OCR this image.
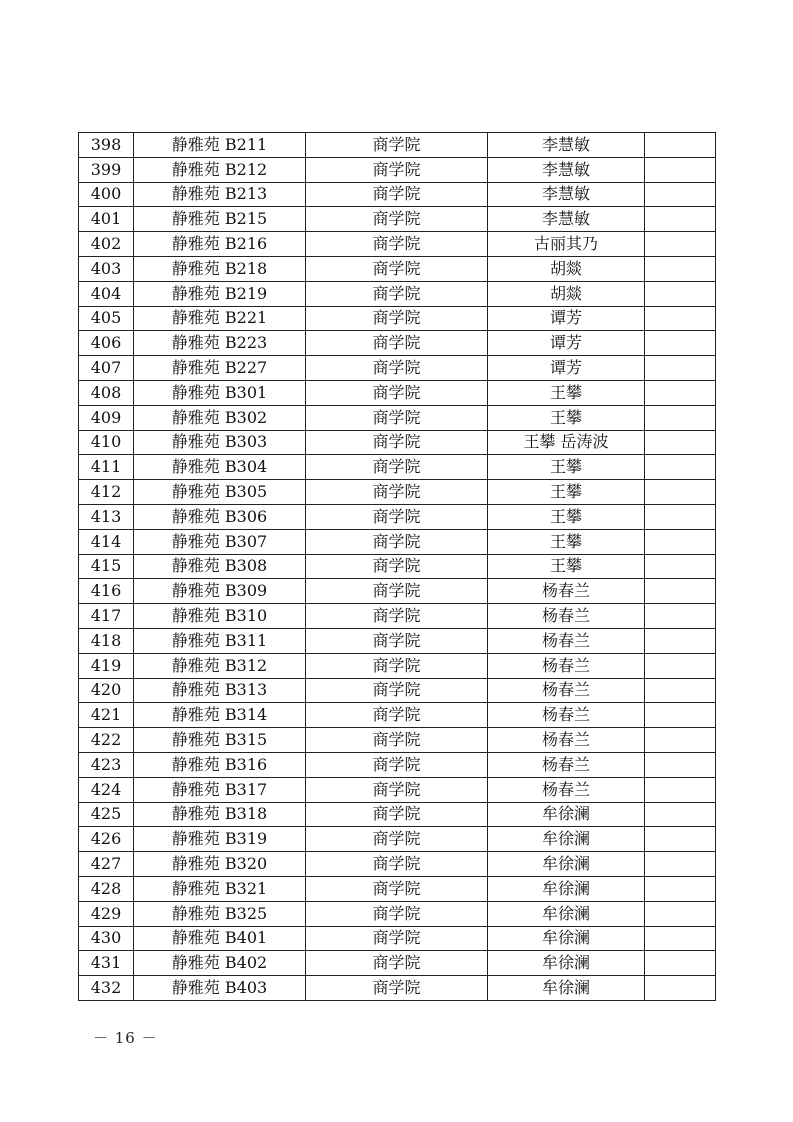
398	静雅苑 B211	商学院	李慧敏	
399	静雅苑 B212	商学院	李慧敏	
400	静雅苑 B213	商学院	李慧敏	
401	静雅苑 B215	商学院	李慧敏	
402	静雅苑 B216	商学院	古丽其乃	
403	静雅苑 B218	商学院	胡燚	
404	静雅苑 B219	商学院	胡燚	
405	静雅苑 B221	商学院	谭芳	
406	静雅苑 B223	商学院	谭芳	
407	静雅苑 B227	商学院	谭芳	
408	静雅苑 B301	商学院	王攀	
409	静雅苑 B302	商学院	王攀	
410	静雅苑 B303	商学院	王攀 岳涛波	
411	静雅苑 B304	商学院	王攀	
412	静雅苑 B305	商学院	王攀	
413	静雅苑 B306	商学院	王攀	
414	静雅苑 B307	商学院	王攀	
415	静雅苑 B308	商学院	王攀	
416	静雅苑 B309	商学院	杨春兰	
417	静雅苑 B310	商学院	杨春兰	
418	静雅苑 B311	商学院	杨春兰	
419	静雅苑 B312	商学院	杨春兰	
420	静雅苑 B313	商学院	杨春兰	
421	静雅苑 B314	商学院	杨春兰	
422	静雅苑 B315	商学院	杨春兰	
423	静雅苑 B316	商学院	杨春兰	
424	静雅苑 B317	商学院	杨春兰	
425	静雅苑 B318	商学院	牟徐澜	
426	静雅苑 B319	商学院	牟徐澜	
427	静雅苑 B320	商学院	牟徐澜	
428	静雅苑 B321	商学院	牟徐澜	
429	静雅苑 B325	商学院	牟徐澜	
430	静雅苑 B401	商学院	牟徐澜	
431	静雅苑 B402	商学院	牟徐澜	
432	静雅苑 B403	商学院	牟徐澜	
－ 16 －
